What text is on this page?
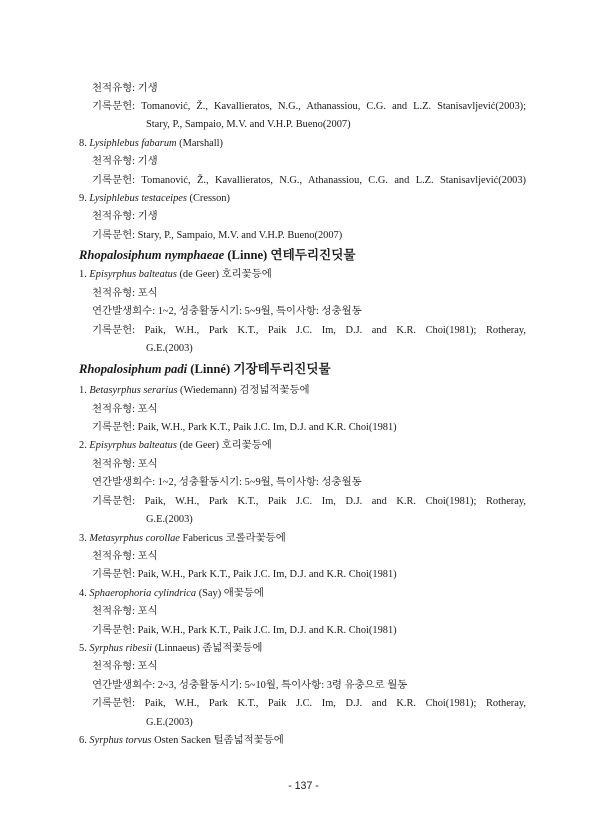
천적유형: 기생
기록문헌: Tomanović, Ž., Kavallieratos, N.G., Athanassiou, C.G. and L.Z. Stanisavljević(2003);
Stary, P., Sampaio, M.V. and V.H.P. Bueno(2007)
8. Lysiphlebus fabarum (Marshall)
천적유형: 기생
기록문헌: Tomanović, Ž., Kavallieratos, N.G., Athanassiou, C.G. and L.Z. Stanisavljević(2003)
9. Lysiphlebus testaceipes (Cresson)
천적유형: 기생
기록문헌: Stary, P., Sampaio, M.V. and V.H.P. Bueno(2007)
Rhopalosiphum nymphaeae (Linne) 연테두리진딧물
1. Episyrphus balteatus (de Geer) 호리꽃등에
천적유형: 포식
연간발생회수: 1~2, 성충활동시기: 5~9월, 특이사항: 성충월동
기록문헌: Paik, W.H., Park K.T., Paik J.C. Im, D.J. and K.R. Choi(1981); Rotheray,
G.E.(2003)
Rhopalosiphum padi (Linné) 기장테두리진딧물
1. Betasyrphus serarius (Wiedemann) 검정넓적꽃등에
천적유형: 포식
기록문헌: Paik, W.H., Park K.T., Paik J.C. Im, D.J. and K.R. Choi(1981)
2. Episyrphus balteatus (de Geer) 호리꽃등에
천적유형: 포식
연간발생회수: 1~2, 성충활동시기: 5~9월, 특이사항: 성충월동
기록문헌: Paik, W.H., Park K.T., Paik J.C. Im, D.J. and K.R. Choi(1981); Rotheray,
G.E.(2003)
3. Metasyrphus corollae Fabericus 코롤라꽃등에
천적유형: 포식
기록문헌: Paik, W.H., Park K.T., Paik J.C. Im, D.J. and K.R. Choi(1981)
4. Sphaerophoria cylindrica (Say) 애꽃등에
천적유형: 포식
기록문헌: Paik, W.H., Park K.T., Paik J.C. Im, D.J. and K.R. Choi(1981)
5. Syrphus ribesii (Linnaeus) 좀넓적꽃등에
천적유형: 포식
연간발생회수: 2~3, 성충활동시기: 5~10월, 특이사항: 3령 유충으로 월동
기록문헌: Paik, W.H., Park K.T., Paik J.C. Im, D.J. and K.R. Choi(1981); Rotheray,
G.E.(2003)
6. Syrphus torvus Osten Sacken 털좀넓적꽃등에
- 137 -
